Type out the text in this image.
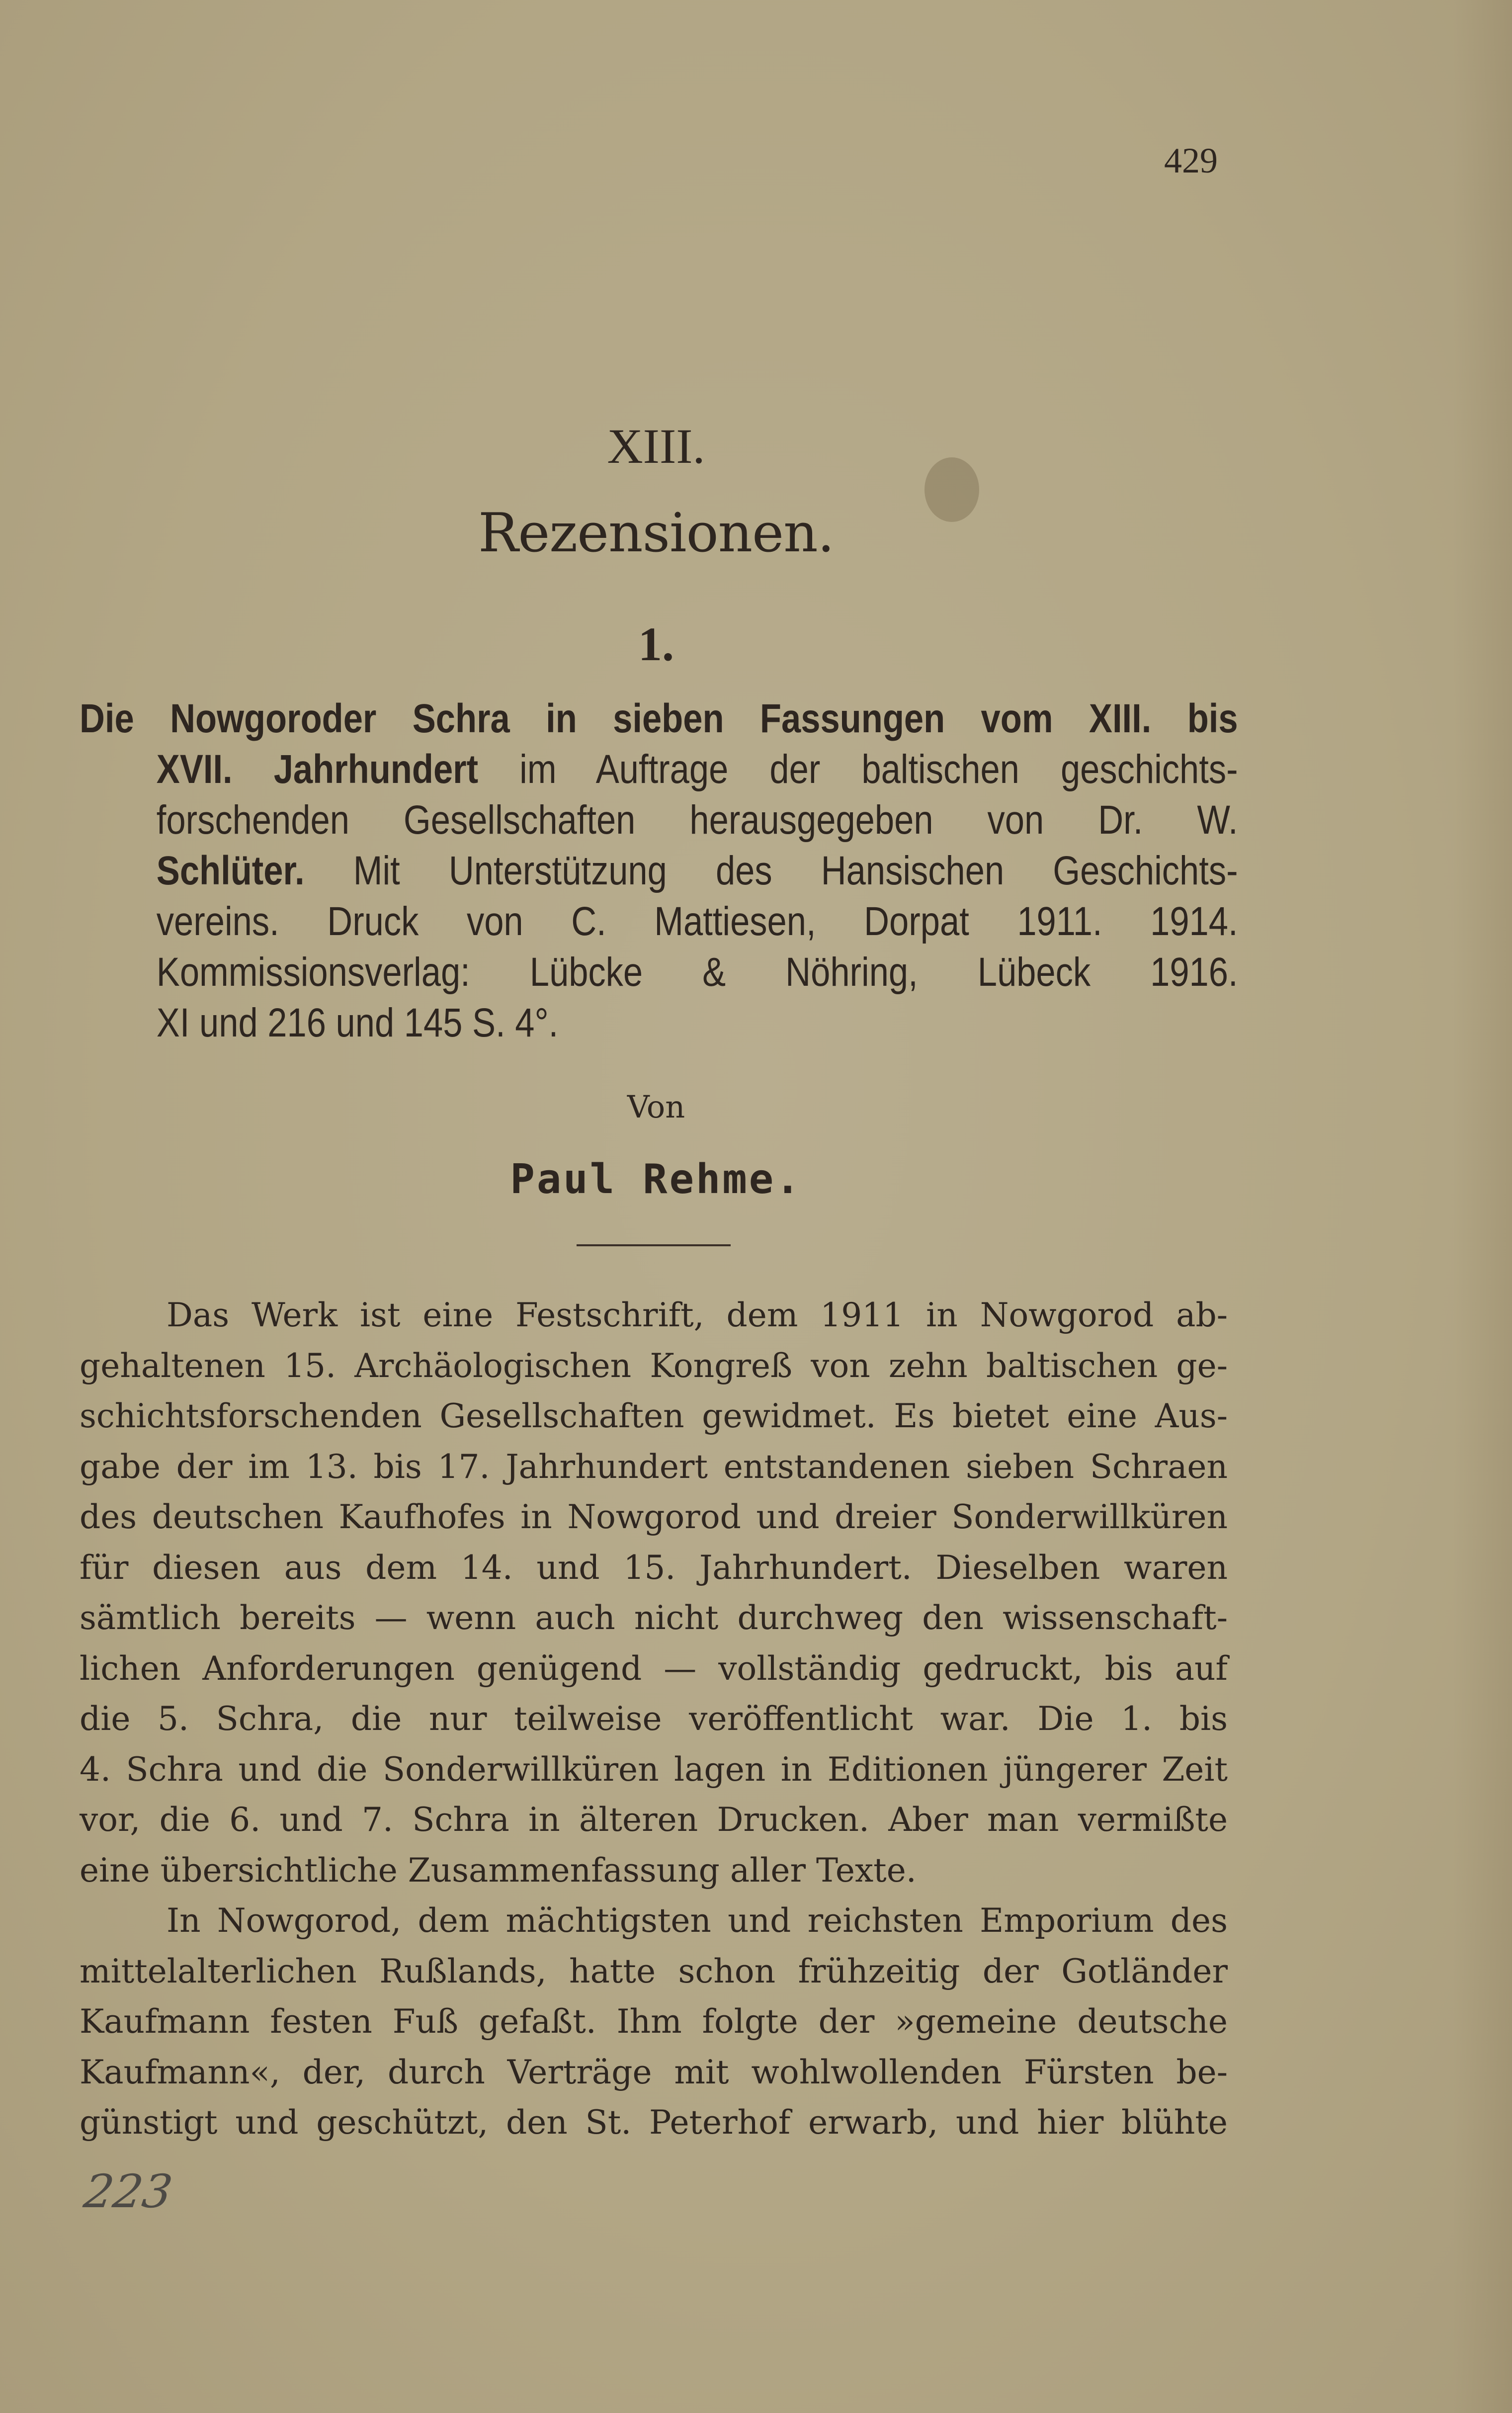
429
XIII.
Rezensionen.
1.
Die Nowgoroder Schra in sieben Fassungen vom XIII. bis
XVII. Jahrhundert im Auftrage der baltischen geschichts-
forschenden Gesellschaften herausgegeben von Dr. W.
Schlüter. Mit Unterstützung des Hansischen Geschichts-
vereins. Druck von C. Mattiesen, Dorpat 1911. 1914.
Kommissionsverlag: Lübcke & Nöhring, Lübeck 1916.
XI und 216 und 145 S. 4°.
Von
Paul Rehme.
Das Werk ist eine Festschrift, dem 1911 in Nowgorod ab-
gehaltenen 15. Archäologischen Kongreß von zehn baltischen ge-
schichtsforschenden Gesellschaften gewidmet. Es bietet eine Aus-
gabe der im 13. bis 17. Jahrhundert entstandenen sieben Schraen
des deutschen Kaufhofes in Nowgorod und dreier Sonderwillküren
für diesen aus dem 14. und 15. Jahrhundert. Dieselben waren
sämtlich bereits — wenn auch nicht durchweg den wissenschaft-
lichen Anforderungen genügend — vollständig gedruckt, bis auf
die 5. Schra, die nur teilweise veröffentlicht war. Die 1. bis
4. Schra und die Sonderwillküren lagen in Editionen jüngerer Zeit
vor, die 6. und 7. Schra in älteren Drucken. Aber man vermißte
eine übersichtliche Zusammenfassung aller Texte.
In Nowgorod, dem mächtigsten und reichsten Emporium des
mittelalterlichen Rußlands, hatte schon frühzeitig der Gotländer
Kaufmann festen Fuß gefaßt. Ihm folgte der »gemeine deutsche
Kaufmann«, der, durch Verträge mit wohlwollenden Fürsten be-
günstigt und geschützt, den St. Peterhof erwarb, und hier blühte
223
